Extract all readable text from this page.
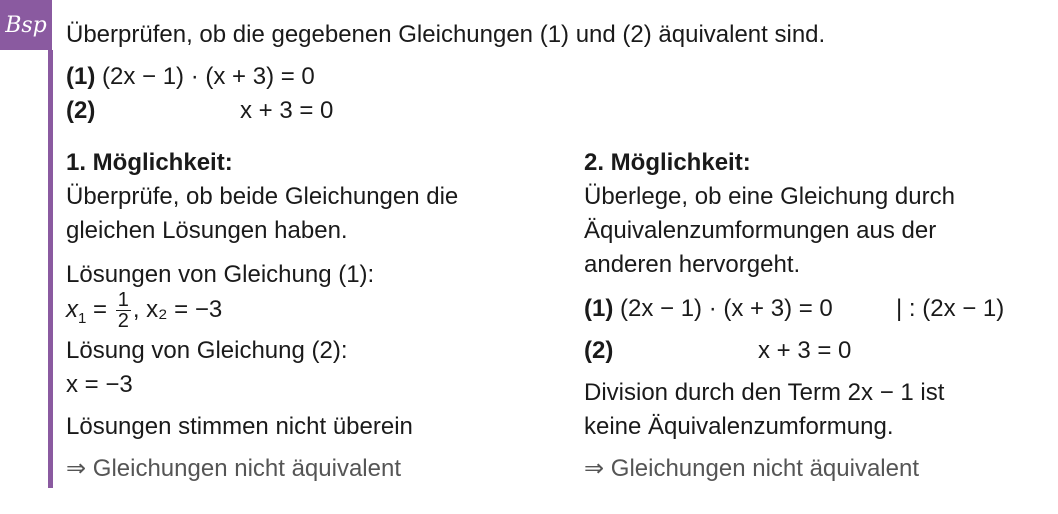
Bsp Überprüfen, ob die gegebenen Gleichungen (1) und (2) äquivalent sind.
(1) (2x − 1) · (x + 3) = 0
(2)	x + 3 = 0
1. Möglichkeit:
Überprüfe, ob beide Gleichungen die
gleichen Lösungen haben.
Lösungen von Gleichung (1):
$x_1 = \frac{1}{2}$ , x₂ = −3
Lösung von Gleichung (2):
x = −3
Lösungen stimmen nicht überein
⇒ Gleichungen nicht äquivalent
2. Möglichkeit:
Überlege, ob eine Gleichung durch
Äquivalenzumformungen aus der
anderen hervorgeht.
(1) (2x − 1) · (x + 3) = 0	| : (2x − 1)
(2)	x + 3 = 0
Division durch den Term 2x − 1 ist
keine Äquivalenzumformung.
⇒ Gleichungen nicht äquivalent
